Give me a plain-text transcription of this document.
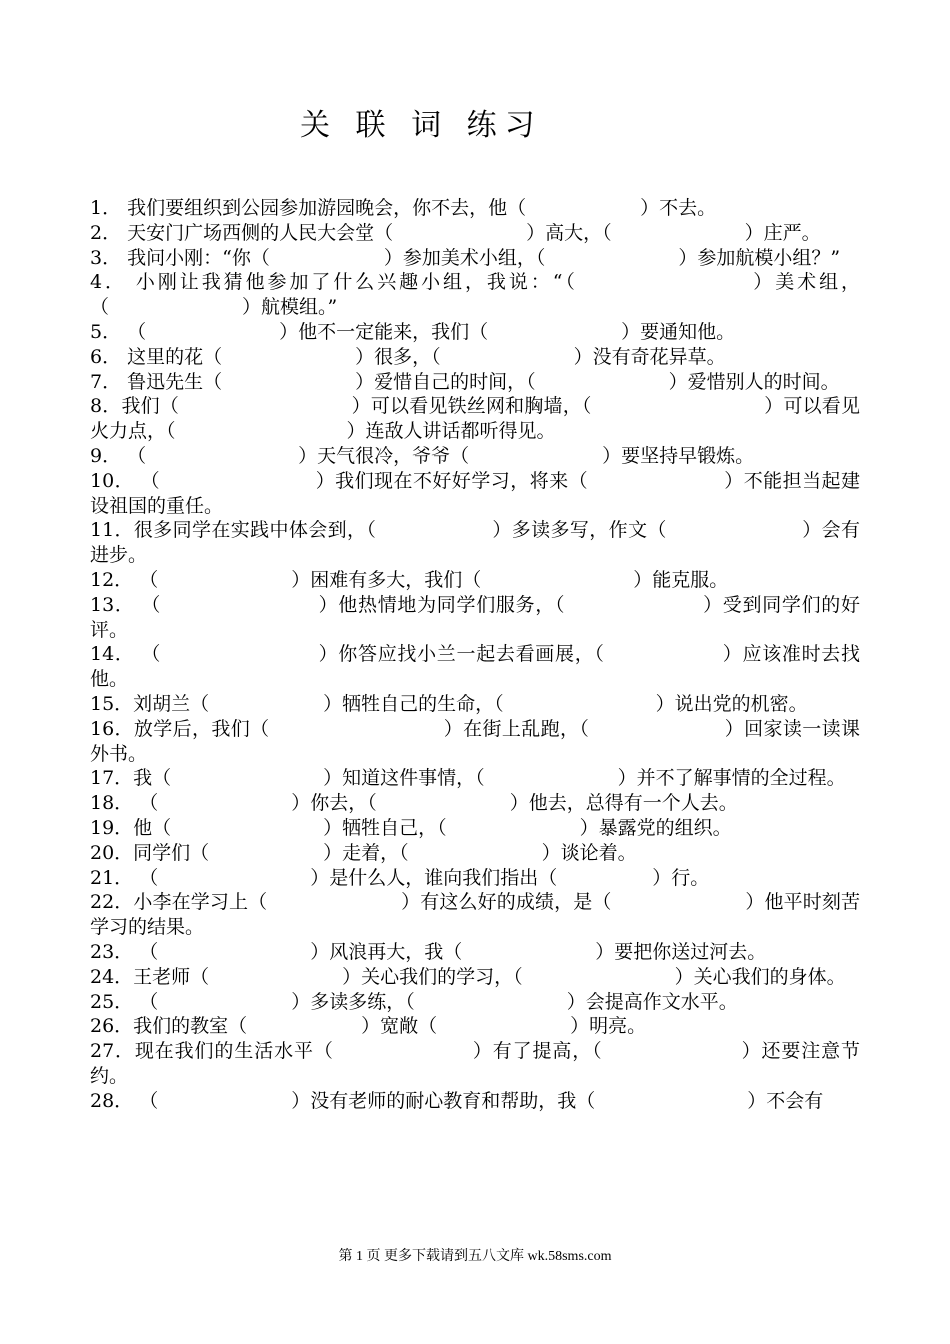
关 联 词 练习

1． 我们要组织到公园参加游园晚会，你不去，他（　　　　　　）不去。

2． 天安门广场西侧的人民大会堂（　　　　　　　）高大，（　　　　　　　）庄严。

3． 我问小刚：“你（　　　　　　）参加美术小组，（　　　　　　　）参加航模小组？”

4． 小刚让我猜他参加了什么兴趣小组，我说：“（　　　　　　　　）美术组，（　　　　　　　）航模组。”

5． （　　　　　　　）他不一定能来，我们（　　　　　　　）要通知他。

6． 这里的花（　　　　　　　）很多，（　　　　　　　）没有奇花异草。

7． 鲁迅先生（　　　　　　　）爱惜自己的时间，（　　　　　　　）爱惜别人的时间。

8．我们（　　　　　　　　　）可以看见铁丝网和胸墙，（　　　　　　　　　）可以看见火力点，（　　　　　　　　　）连敌人讲话都听得见。

9． （　　　　　　　　）天气很冷，爷爷（　　　　　　　）要坚持早锻炼。

10． （　　　　　　　　）我们现在不好好学习，将来（　　　　　　　）不能担当起建设祖国的重任。

11．很多同学在实践中体会到，（　　　　　　）多读多写，作文（　　　　　　　）会有进步。

12． （　　　　　　　）困难有多大，我们（　　　　　　　　）能克服。

13． （　　　　　　　　）他热情地为同学们服务，（　　　　　　　）受到同学们的好评。

14． （　　　　　　　　）你答应找小兰一起去看画展，（　　　　　　）应该准时去找他。

15．刘胡兰（　　　　　　）牺牲自己的生命，（　　　　　　　　）说出党的机密。

16．放学后，我们（　　　　　　　　　）在街上乱跑，（　　　　　　　）回家读一读课外书。

17．我（　　　　　　　　）知道这件事情，（　　　　　　　）并不了解事情的全过程。

18． （　　　　　　　）你去，（　　　　　　　）他去，总得有一个人去。

19．他（　　　　　　　　）牺牲自己，（　　　　　　　）暴露党的组织。

20．同学们（　　　　　　）走着，（　　　　　　　）谈论着。

21． （　　　　　　　　）是什么人，谁向我们指出（　　　　　）行。

22．小李在学习上（　　　　　　　）有这么好的成绩，是（　　　　　　　）他平时刻苦学习的结果。

23． （　　　　　　　　）风浪再大，我（　　　　　　　）要把你送过河去。

24．王老师（　　　　　　　）关心我们的学习，（　　　　　　　　）关心我们的身体。

25． （　　　　　　　）多读多练，（　　　　　　　　）会提高作文水平。

26．我们的教室（　　　　　　）宽敞（　　　　　　　）明亮。

27．现在我们的生活水平（　　　　　　　）有了提高，（　　　　　　　）还要注意节约。

28． （　　　　　　　）没有老师的耐心教育和帮助，我（　　　　　　　　）不会有

第 1 页 更多下载请到五八文库 wk.58sms.com
